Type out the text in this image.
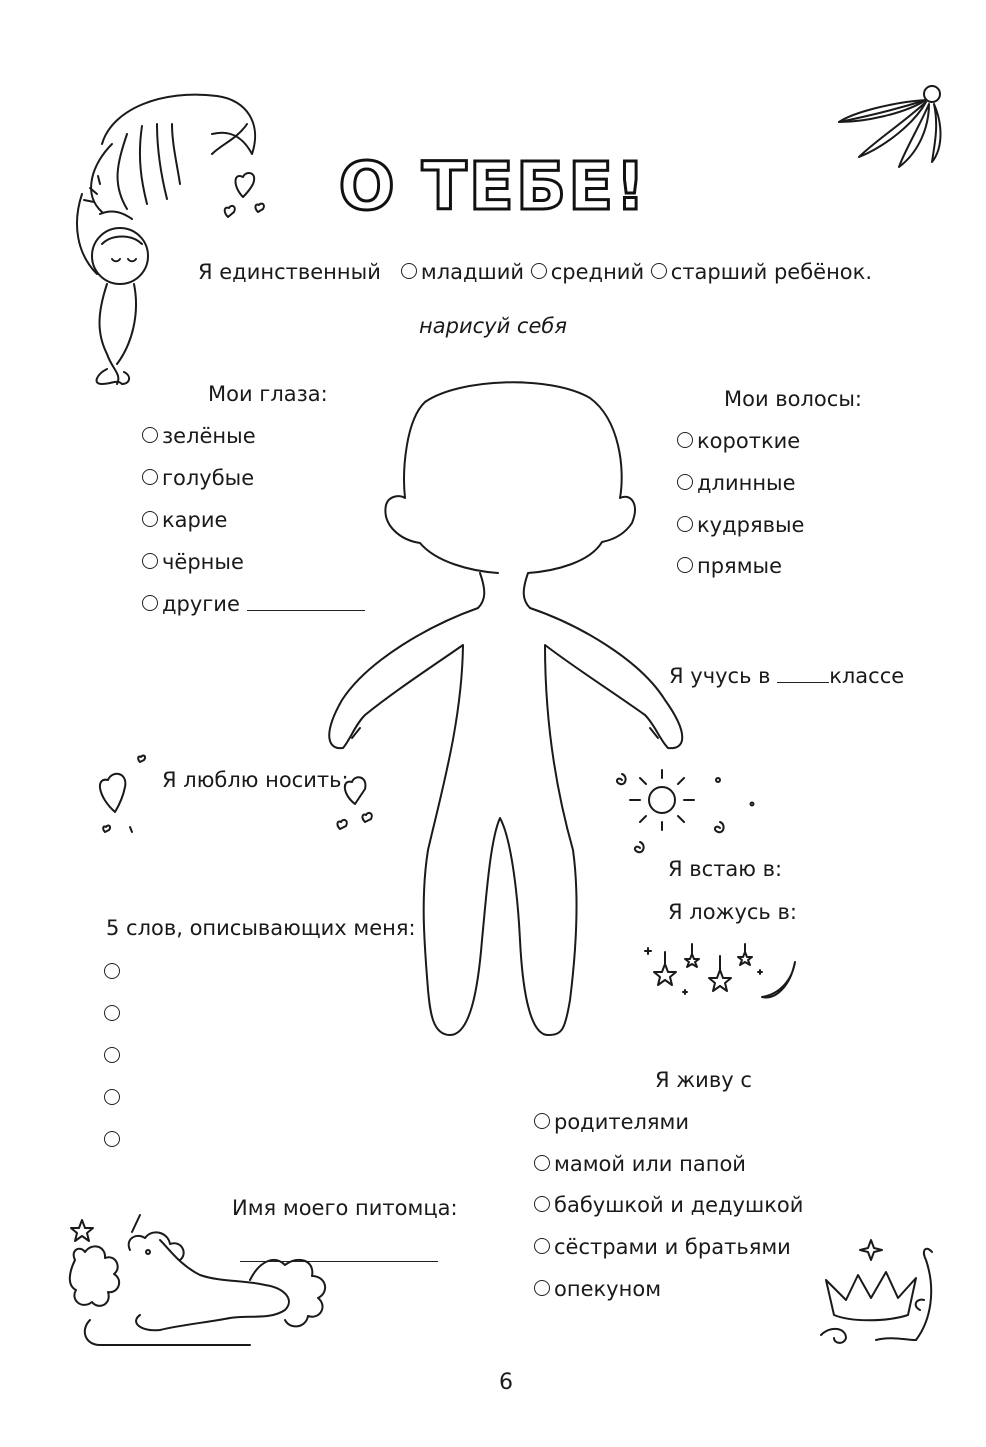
О ТЕБЕ!
Я единственный младший средний старший ребёнок.
нарисуй себя
Мои глаза:
зелёные
голубые
карие
чёрные
другие
Мои волосы:
короткие
длинные
кудрявые
прямые
Я учусь в	классе
Я люблю носить:
Я встаю в:
Я ложусь в:
5 слов, описывающих меня:
Я живу с
родителями
мамой или папой
бабушкой и дедушкой
сёстрами и братьями
опекуном
Имя моего питомца:
6
